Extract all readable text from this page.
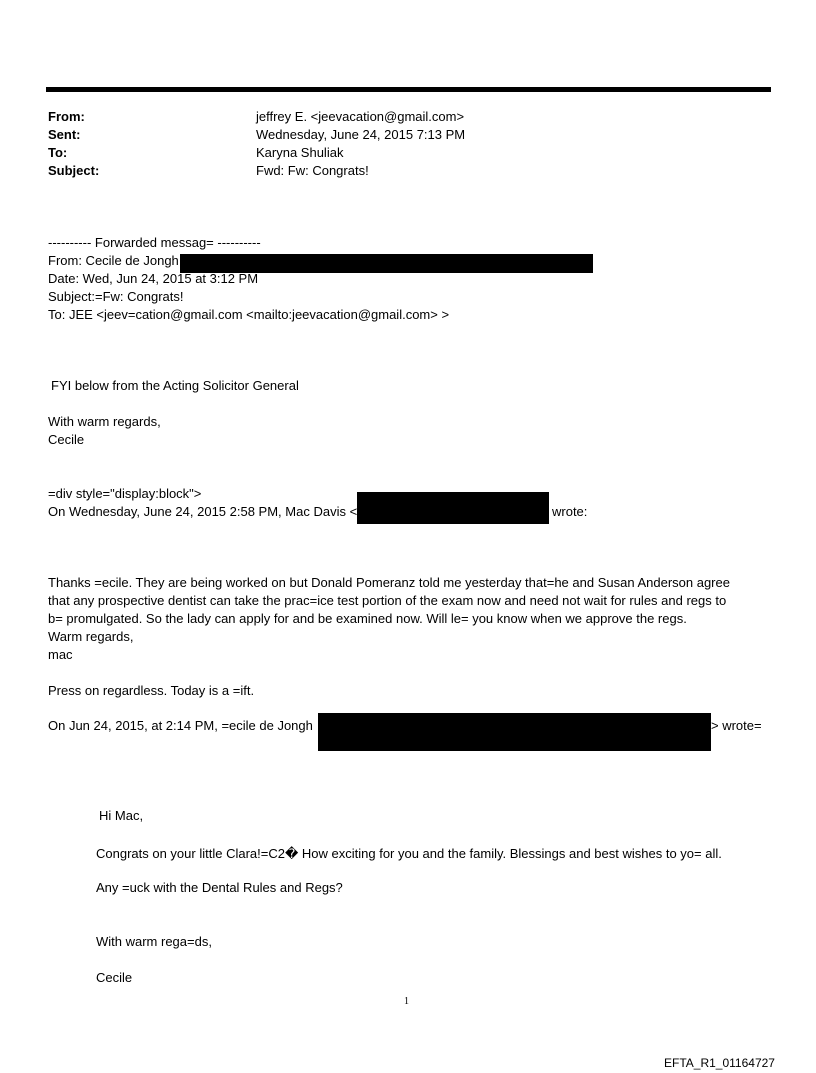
From:	jeffrey E. <jeevacation@gmail.com>
Sent:	Wednesday, June 24, 2015 7:13 PM
To:	Karyna Shuliak
Subject:	Fwd: Fw: Congrats!
---------- Forwarded messag= ----------
From: Cecile de Jongh
Date: Wed, Jun 24, 2015 at 3:12 PM
Subject:=Fw: Congrats!
To: JEE <jeev=cation@gmail.com <mailto:jeevacation@gmail.com> >
FYI below from the Acting Solicitor General
With warm regards,
Cecile
=div style="display:block">
On Wednesday, June 24, 2015 2:58 PM, Mac Davis <	wrote:
Thanks =ecile. They are being worked on but Donald Pomeranz told me yesterday that=he and Susan Anderson agree
that any prospective dentist can take the prac=ice test portion of the exam now and need not wait for rules and regs to
b= promulgated. So the lady can apply for and be examined now. Will le= you know when we approve the regs.
Warm regards,
mac
Press on regardless. Today is a =ift.
On Jun 24, 2015, at 2:14 PM, =ecile de Jongh	> wrote=
Hi Mac,
Congrats on your little Clara!=C2� How exciting for you and the family. Blessings and best wishes to yo= all.
Any =uck with the Dental Rules and Regs?
With warm rega=ds,
Cecile
1
EFTA_R1_01164727
